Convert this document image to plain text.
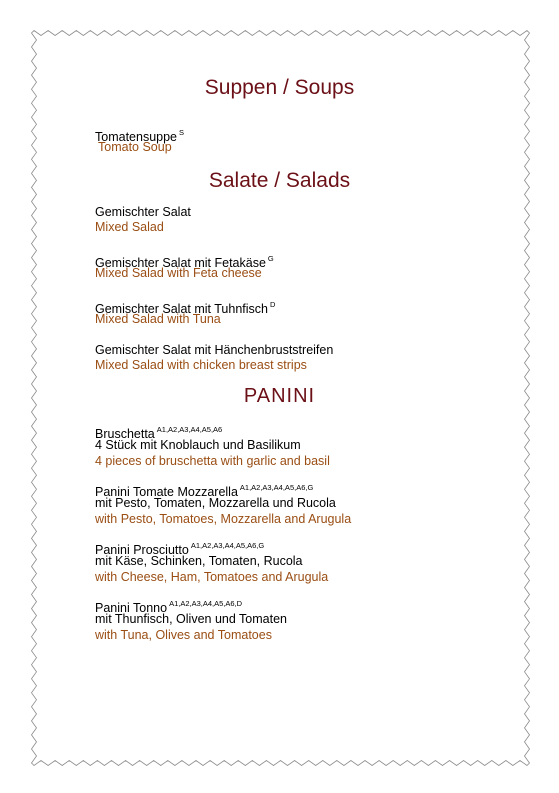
Suppen / Soups
Tomatensuppe $^S$
Tomato Soup
Salate / Salads
Gemischter Salat
Mixed Salad
Gemischter Salat mit Fetakäse $^G$
Mixed Salad with Feta cheese
Gemischter Salat mit Tuhnfisch $^D$
Mixed Salad with Tuna
Gemischter Salat mit Hänchenbruststreifen
Mixed Salad with chicken breast strips
PANINI
Bruschetta $^{A1,A2,A3,A4,A5,A6}$
4 Stück mit Knoblauch und Basilikum
4 pieces of bruschetta with garlic and basil
Panini Tomate Mozzarella $^{A1,A2,A3,A4,A5,A6,G}$
mit Pesto, Tomaten, Mozzarella und Rucola
with Pesto, Tomatoes, Mozzarella and Arugula
Panini Prosciutto $^{A1,A2,A3,A4,A5,A6,G}$
mit Käse, Schinken, Tomaten, Rucola
with Cheese, Ham, Tomatoes and Arugula
Panini Tonno $^{A1,A2,A3,A4,A5,A6,D}$
mit Thunfisch, Oliven und Tomaten
with Tuna, Olives and Tomatoes
